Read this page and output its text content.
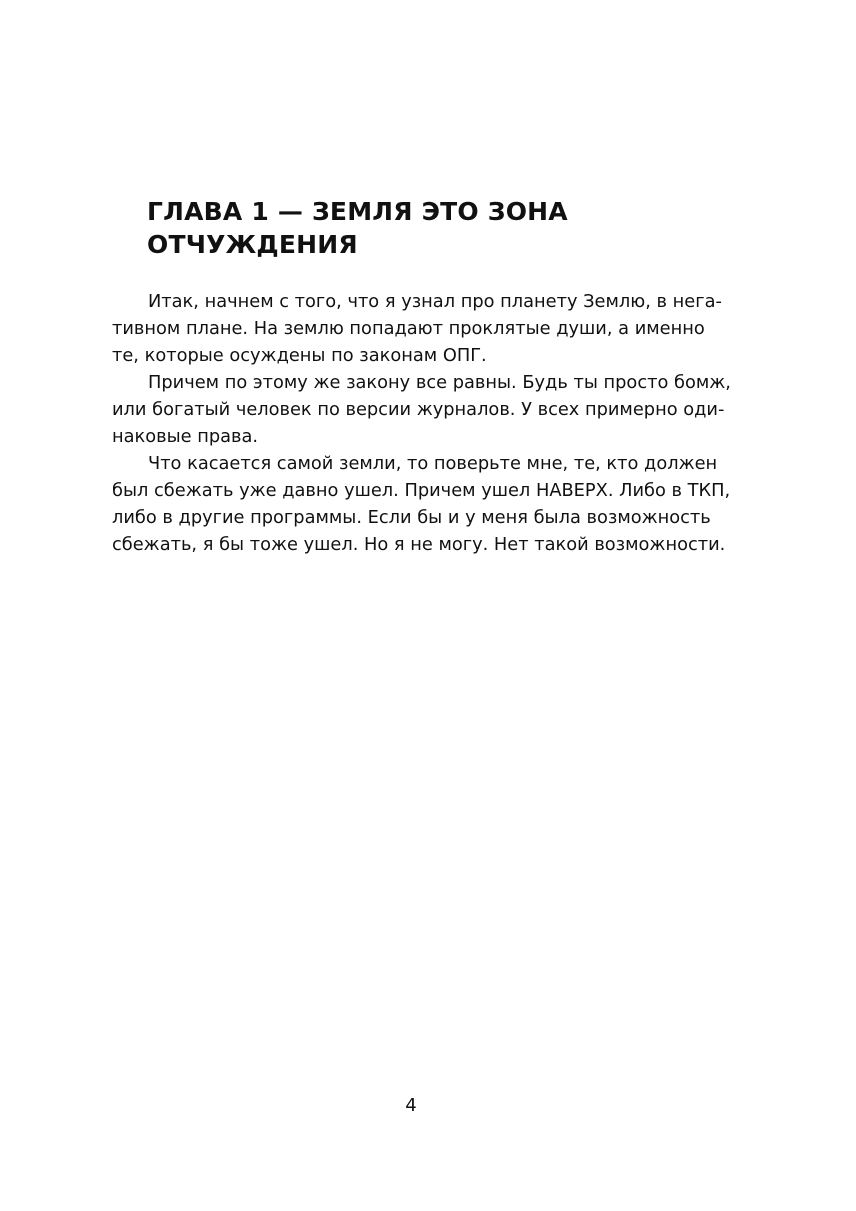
ГЛАВА 1 — ЗЕМЛЯ ЭТО ЗОНА
ОТЧУЖДЕНИЯ

Итак, начнем с того, что я узнал про планету Землю, в нега-
тивном плане. На землю попадают проклятые души, а именно
те, которые осуждены по законам ОПГ.

Причем по этому же закону все равны. Будь ты просто бомж,
или богатый человек по версии журналов. У всех примерно оди-
наковые права.

Что касается самой земли, то поверьте мне, те, кто должен
был сбежать уже давно ушел. Причем ушел НАВЕРХ. Либо в ТКП,
либо в другие программы. Если бы и у меня была возможность
сбежать, я бы тоже ушел. Но я не могу. Нет такой возможности.

4
